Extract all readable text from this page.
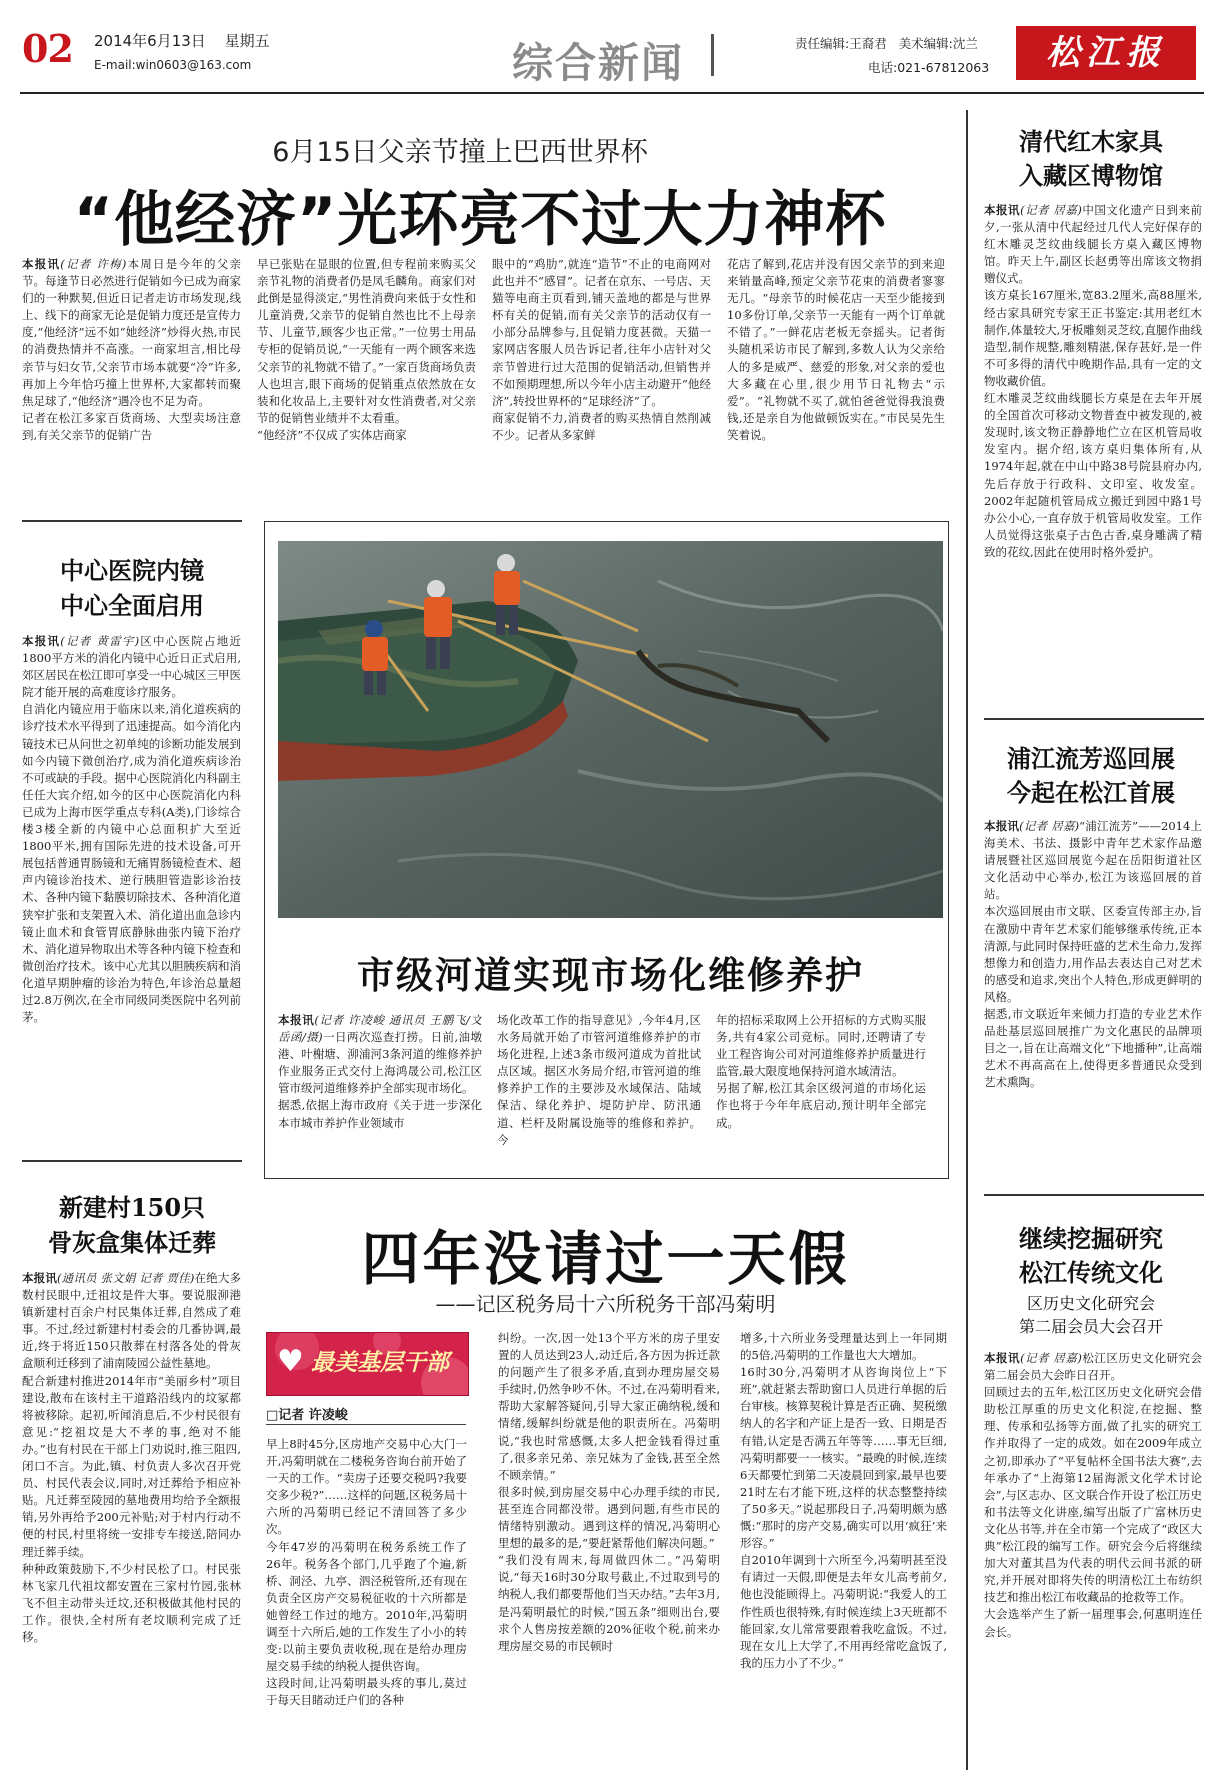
02 2014年6月13日 星期五
E-mail:win0603@163.com	综合新闻	责任编辑:王裔君   美术编辑:沈兰
电话:021-67812063	松江报
6月15日父亲节撞上巴西世界杯
“他经济”光环亮不过大力神杯

本报讯(记者 许梅)本周日是今年的父亲节。每逢节日必然进行促销如今已成为商家们的一种默契,但近日记者走访市场发现,线上、线下的商家无论是促销力度还是宣传力度,“他经济”远不如“她经济”炒得火热,市民的消费热情并不高涨。一商家坦言,相比母亲节与妇女节,父亲节市场本就要“冷”许多,再加上今年恰巧撞上世界杯,大家都转而聚焦足球了,“他经济”遇冷也不足为奇。
记者在松江多家百货商场、大型卖场注意到,有关父亲节的促销广告

早已张贴在显眼的位置,但专程前来购买父亲节礼物的消费者仍是凤毛麟角。商家们对此倒是显得淡定,“男性消费向来低于女性和儿童消费,父亲节的促销自然也比不上母亲节、儿童节,顾客少也正常。”一位男士用品专柜的促销员说,“一天能有一两个顾客来选父亲节的礼物就不错了。”一家百货商场负责人也坦言,眼下商场的促销重点依然放在女装和化妆品上,主要针对女性消费者,对父亲节的促销售业绩并不太看重。
“他经济”不仅成了实体店商家

眼中的“鸡肋”,就连“造节”不止的电商网对此也并不“感冒”。记者在京东、一号店、天猫等电商主页看到,铺天盖地的都是与世界杯有关的促销,而有关父亲节的活动仅有一小部分品牌参与,且促销力度甚微。天猫一家网店客服人员告诉记者,往年小店针对父亲节曾进行过大范围的促销活动,但销售并不如预期理想,所以今年小店主动避开“他经济”,转投世界杯的“足球经济”了。
商家促销不力,消费者的购买热情自然削减不少。记者从多家鲜

花店了解到,花店并没有因父亲节的到来迎来销量高峰,预定父亲节花束的消费者寥寥无几。“母亲节的时候花店一天至少能接到10多份订单,父亲节一天能有一两个订单就不错了。”一鲜花店老板无奈摇头。记者街头随机采访市民了解到,多数人认为父亲给人的多是威严、慈爱的形象,对父亲的爱也大多藏在心里,很少用节日礼物去“示爱”。“礼物就不买了,就怕爸爸觉得我浪费钱,还是亲自为他做顿饭实在。”市民吴先生笑着说。

中心医院内镜
中心全面启用

本报讯(记者 黄雷宇)区中心医院占地近1800平方米的消化内镜中心近日正式启用,郊区居民在松江即可享受一中心城区三甲医院才能开展的高难度诊疗服务。
自消化内镜应用于临床以来,消化道疾病的诊疗技术水平得到了迅速提高。如今消化内镜技术已从问世之初单纯的诊断功能发展到如今内镜下微创治疗,成为消化道疾病诊治不可或缺的手段。据中心医院消化内科副主任任大宾介绍,如今的区中心医院消化内科已成为上海市医学重点专科(A类),门诊综合楼3楼全新的内镜中心总面积扩大至近1800平米,拥有国际先进的技术设备,可开展包括普通胃肠镜和无痛胃肠镜检查术、超声内镜诊治技术、逆行胰胆管造影诊治技术、各种内镜下黏膜切除技术、各种消化道狭窄扩张和支架置入术、消化道出血急诊内镜止血术和食管胃底静脉曲张内镜下治疗术、消化道异物取出术等各种内镜下检查和微创治疗技术。该中心尤其以胆胰疾病和消化道早期肿瘤的诊治为特色,年诊治总量超过2.8万例次,在全市同级同类医院中名列前茅。

市级河道实现市场化维修养护

本报讯(记者 许凌峻 通讯员 王鹏飞/文 岳函/摄)一日两次巡查打捞。日前,油墩港、叶榭塘、泖浦河3条河道的维修养护作业服务正式交付上海鸿晟公司,松江区管市级河道维修养护全部实现市场化。
据悉,依据上海市政府《关于进一步深化本市城市养护作业领域市

场化改革工作的指导意见》,今年4月,区水务局就开始了市管河道维修养护的市场化进程,上述3条市级河道成为首批试点区域。据区水务局介绍,市管河道的维修养护工作的主要涉及水域保洁、陆域保洁、绿化养护、堤防护岸、防汛通道、栏杆及附属设施等的维修和养护。今

年的招标采取网上公开招标的方式购买服务,共有4家公司竞标。同时,还聘请了专业工程咨询公司对河道维修养护质量进行监管,最大限度地保持河道水域清洁。
另据了解,松江其余区级河道的市场化运作也将于今年年底启动,预计明年全部完成。

新建村150只
骨灰盒集体迁葬

本报讯(通讯员 张文娟 记者 贾佳)在绝大多数村民眼中,迁祖坟是件大事。要说服泖港镇新建村百余户村民集体迁葬,自然成了难事。不过,经过新建村村委会的几番协调,最近,终于将近150只散葬在村落各处的骨灰盒顺利迁移到了浦南陵园公益性墓地。
配合新建村推进2014年市“美丽乡村”项目建设,散布在该村主干道路沿线内的坟冢都将被移除。起初,听闻消息后,不少村民很有意见:“挖祖坟是大不孝的事,绝对不能办。”也有村民在干部上门劝说时,推三阻四,闭口不言。为此,镇、村负责人多次召开党员、村民代表会议,同时,对迁葬给予相应补贴。凡迁葬至陵园的墓地费用均给予全额报销,另外再给予200元补贴;对于村内行动不便的村民,村里将统一安排专车接送,陪同办理迁葬手续。
种种政策鼓励下,不少村民松了口。村民张林飞家几代祖坟都安置在三家村竹园,张林飞不但主动带头迁坟,还积极做其他村民的工作。很快,全村所有老坟顺利完成了迁移。

四年没请过一天假
——记区税务局十六所税务干部冯菊明
♥ 最美基层干部
□记者 许凌峻

早上8时45分,区房地产交易中心大门一开,冯菊明就在二楼税务咨询台前开始了一天的工作。“卖房子还要交税吗?我要交多少税?”……这样的问题,区税务局十六所的冯菊明已经记不清回答了多少次。
今年47岁的冯菊明在税务系统工作了26年。税务各个部门,几乎跑了个遍,新桥、洞泾、九亭、泗泾税管所,还有现在负责全区房产交易税征收的十六所都是她曾经工作过的地方。2010年,冯菊明调至十六所后,她的工作发生了小小的转变:以前主要负责收税,现在是给办理房屋交易手续的纳税人提供咨询。
这段时间,让冯菊明最头疼的事儿,莫过于每天目睹动迁户们的各种

纠纷。一次,因一处13个平方米的房子里安置的人员达到23人,动迁后,各方因为拆迁款的问题产生了很多矛盾,直到办理房屋交易手续时,仍然争吵不休。不过,在冯菊明看来,帮助大家解答疑问,引导大家正确纳税,缓和情绪,缓解纠纷就是他的职责所在。冯菊明说,“我也时常感慨,太多人把金钱看得过重了,很多亲兄弟、亲兄妹为了金钱,甚至全然不顾亲情。”
很多时候,到房屋交易中心办理手续的市民,甚至连合同都没带。遇到问题,有些市民的情绪特别激动。遇到这样的情况,冯菊明心里想的最多的是,“要赶紧帮他们解决问题。”
“我们没有周末,每周做四休二。”冯菊明说,“每天16时30分取号截止,不过取到号的纳税人,我们都要帮他们当天办结。”去年3月,是冯菊明最忙的时候,“国五条”细则出台,要求个人售房按差额的20%征收个税,前来办理房屋交易的市民顿时

增多,十六所业务受理量达到上一年同期的5倍,冯菊明的工作量也大大增加。
16时30分,冯菊明才从咨询岗位上“下班”,就赶紧去帮助窗口人员进行单据的后台审核。核算契税计算是否正确、契税缴纳人的名字和产证上是否一致、日期是否有错,认定是否满五年等等……事无巨细,冯菊明都要一一核实。“最晚的时候,连续6天都要忙到第二天凌晨回到家,最早也要21时左右才能下班,这样的状态整整持续了50多天。”说起那段日子,冯菊明颇为感慨:“那时的房产交易,确实可以用‘疯狂’来形容。”
自2010年调到十六所至今,冯菊明甚至没有请过一天假,即便是去年女儿高考前夕,他也没能顾得上。冯菊明说:“我爱人的工作性质也很特殊,有时候连续上3天班都不能回家,女儿常常要跟着我吃盒饭。不过,现在女儿上大学了,不用再经常吃盒饭了,我的压力小了不少。”

清代红木家具
入藏区博物馆

本报讯(记者 居嘉)中国文化遗产日到来前夕,一张从清中代起经过几代人完好保存的红木雕灵芝纹曲线腿长方桌入藏区博物馆。昨天上午,副区长赵勇等出席该文物捐赠仪式。
该方桌长167厘米,宽83.2厘米,高88厘米,经古家具研究专家王正书鉴定:其用老红木制作,体量较大,牙板雕刻灵芝纹,直腿作曲线造型,制作规整,雕刻精湛,保存甚好,是一件不可多得的清代中晚期作品,具有一定的文物收藏价值。
红木雕灵芝纹曲线腿长方桌是在去年开展的全国首次可移动文物普查中被发现的,被发现时,该文物正静静地伫立在区机管局收发室内。据介绍,该方桌归集体所有,从1974年起,就在中山中路38号院县府办内,先后存放于行政科、文印室、收发室。2002年起随机管局成立搬迁到园中路1号办公小心,一直存放于机管局收发室。工作人员觉得这张桌子古色古香,桌身雕满了精致的花纹,因此在使用时格外爱护。

浦江流芳巡回展
今起在松江首展

本报讯(记者 居嘉)“浦江流芳”——2014上海美术、书法、摄影中青年艺术家作品邀请展暨社区巡回展览今起在岳阳街道社区文化活动中心举办,松江为该巡回展的首站。
本次巡回展由市文联、区委宣传部主办,旨在激励中青年艺术家们能够继承传统,正本清源,与此同时保持旺盛的艺术生命力,发挥想像力和创造力,用作品去表达自己对艺术的感受和追求,突出个人特色,形成更鲜明的风格。
据悉,市文联近年来倾力打造的专业艺术作品赴基层巡回展推广为文化惠民的品牌项目之一,旨在让高端文化“下地播种”,让高端艺术不再高高在上,使得更多普通民众受到艺术熏陶。

继续挖掘研究
松江传统文化
区历史文化研究会
第二届会员大会召开

本报讯(记者 居嘉)松江区历史文化研究会第二届会员大会昨日召开。
回顾过去的五年,松江区历史文化研究会借助松江厚重的历史文化积淀,在挖掘、整理、传承和弘扬等方面,做了扎实的研究工作并取得了一定的成效。如在2009年成立之初,即承办了“平复帖杯全国书法大赛”,去年承办了“上海第12届海派文化学术讨论会”,与区志办、区文联合作开设了松江历史和书法等文化讲座,编写出版了广富林历史文化丛书等,并在全市第一个完成了“政区大典”松江段的编写工作。研究会今后将继续加大对董其昌为代表的明代云间书派的研究,并开展对即将失传的明清松江土布纺织技艺和推出松江布收藏品的抢救等工作。
大会选举产生了新一届理事会,何惠明连任会长。
